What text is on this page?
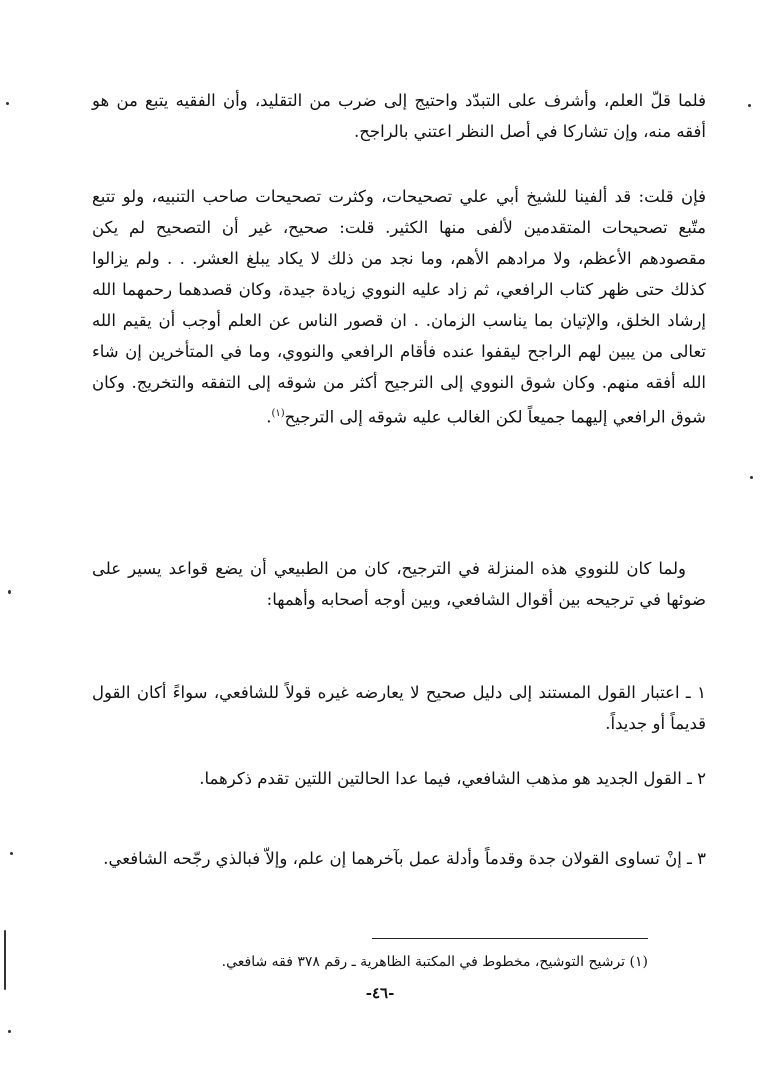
فلما قلّ العلم، وأشرف على التبدّد واحتيج إلى ضرب من التقليد، وأن الفقيه يتبع من هو أفقه منه، وإن تشاركا في أصل النظر اعتني بالراجح.

فإن قلت: قد ألفينا للشيخ أبي علي تصحيحات، وكثرت تصحيحات صاحب التنبيه، ولو تتبع متّبع تصحيحات المتقدمين لألفى منها الكثير. قلت: صحيح، غير أن التصحيح لم يكن مقصودهم الأعظم، ولا مرادهم الأهم، وما نجد من ذلك لا يكاد يبلغ العشر. . . ولم يزالوا كذلك حتى ظهر كتاب الرافعي، ثم زاد عليه النووي زيادة جيدة، وكان قصدهما رحمهما الله إرشاد الخلق، والإتيان بما يناسب الزمان. . ان قصور الناس عن العلم أوجب أن يقيم الله تعالى من يبين لهم الراجح ليقفوا عنده فأقام الرافعي والنووي، وما في المتأخرين إن شاء الله أفقه منهم. وكان شوق النووي إلى الترجيح أكثر من شوقه إلى التفقه والتخريج. وكان شوق الرافعي إليهما جميعاً لكن الغالب عليه شوقه إلى الترجيح$^{(١)}$.

ولما كان للنووي هذه المنزلة في الترجيح، كان من الطبيعي أن يضع قواعد يسير على ضوئها في ترجيحه بين أقوال الشافعي، وبين أوجه أصحابه وأهمها:

١ ـ اعتبار القول المستند إلى دليل صحيح لا يعارضه غيره قولاً للشافعي، سواءً أكان القول قديماً أو جديداً.

٢ ـ القول الجديد هو مذهب الشافعي، فيما عدا الحالتين اللتين تقدم ذكرهما.

٣ ـ إنْ تساوى القولان جدة وقدماً وأدلة عمل بآخرهما إن علم، وإلاّ فبالذي رجّحه الشافعي.

(١) ترشيح التوشيح، مخطوط في المكتبة الظاهرية ـ رقم ٣٧٨ فقه شافعي.
-٤٦-
